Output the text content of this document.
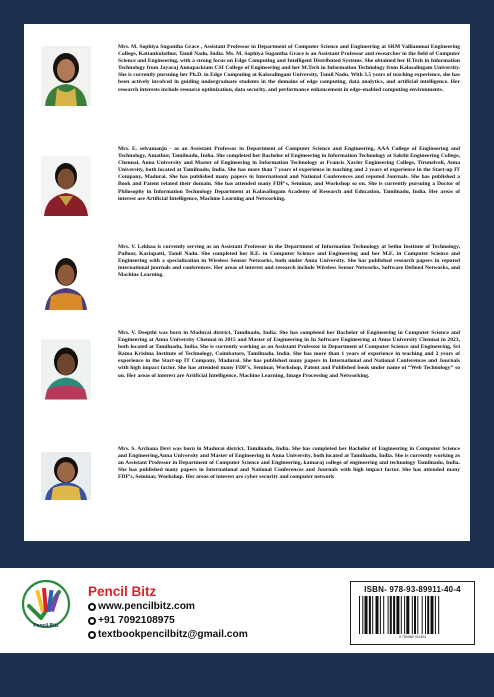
Mrs. M. Sophiya Sugantha Grace , Assistant Professor in Department of Computer Science and Engineering at SRM Valliammai Engineering College, Kattankulathur, Tamil Nadu, India. Ms. M. Sophiya Sugantha Grace is an Assistant Professor and researcher in the field of Computer Science and Engineering, with a strong focus on Edge Computing and Intelligent Distributed Systems. She obtained her B.Tech in Information Technology from Jayaraj Annapackiam CSI College of Engineering and her M.Tech in Information Technology from Kalasalingam University. She is currently pursuing her Ph.D. in Edge Computing at Kalasalingam University, Tamil Nadu. With 3.5 years of teaching experience, she has been actively involved in guiding undergraduate students in the domains of edge computing, data analytics, and artificial intelligence. Her research interests include resource optimization, data security, and performance enhancement in edge-enabled computing environments.
Mrs. E. selvamanju - as an Assistant Professor in Department of Computer Science and Engineering, AAA College of Engineering and Technology, Amathur, Tamilnadu, India. She completed her Bachelor of Engineering in Information Technology at Sakthi Engineering College, Chennai, Anna University and Master of Engineering in Information Technology at Francis Xavier Engineering College, Tirunelveli, Anna University, both located at Tamilnadu, India. She has more than 7 years of experience in teaching and 2 years of experience in the Start-up IT Company, Madurai. She has published many papers in International and National Conferences and reputed Journals. She has published a Book and Patent related their domain. She has attended many FDP's, Seminar, and Workshop so on. She is currently pursuing a Doctor of Philosophy in Information Technology Department at Kalasalingam Academy of Research and Education, Tamilnadu, India. Her areas of interest are Artificial Intelligence, Machine Learning and Networking.
Mrs. V. Lekhaa is currently serving as an Assistant Professor in the Department of Information Technology at Sethu Institute of Technology, Pulloor, Kariapatti, Tamil Nadu. She completed her B.E. in Computer Science and Engineering and her M.E. in Computer Science and Engineering with a specialization in Wireless Sensor Networks, both under Anna University. She has published research papers in reputed international journals and conferences. Her areas of interest and research include Wireless Sensor Networks, Software Defined Networks, and Machine Learning.
Mrs. V. Deepthi was born in Madurai district, Tamilnadu, India. She has completed her Bachelor of Engineering in Computer Science and Engineering at Anna University Chennai in 2015 and Master of Engineering in In Software Engineering at Anna University Chennai in 2023, both located at Tamilnadu, India. She is currently working as an Assistant Professor in Department of Computer Science and Engineering, Sri Rama Krishna Institute of Technology, Coimbatore, Tamilnadu, India. She has more than 1 years of experience in teaching and 2 years of experience in the Start-up IT Company, Madurai. She has published many papers in International and National Conferences and Journals with high impact factor. She has attended many FDP's, Seminar, Workshop, Patent and Published book under name of “Web Technology” so on. Her areas of interest are Artificial Intelligence, Machine Learning, Image Processing and Networking.
Mrs. S. Archana Devi was born in Madurai district, Tamilnadu, India. She has completed her Bachelor of Engineering in Computer Science and Engineering,Anna University and Master of Engineering in Anna University, both located at Tamilnadu, India. She is currently working as an Assistant Professor in Department of Computer Science and Engineering, kamaraj college of engineering and technology Tamilnadu, India. She has published many papers in International and National Conferences and Journals with high impact factor. She has attended many FDP's, Seminar, Workshop. Her areas of interest are cyber security and computer network
Pencil Bitz
Pencil Bitz
www.pencilbitz.com
+91 7092108975
textbookpencilbitz@gmail.com
ISBN- 978-93-89911-40-4
9 789389 911404
